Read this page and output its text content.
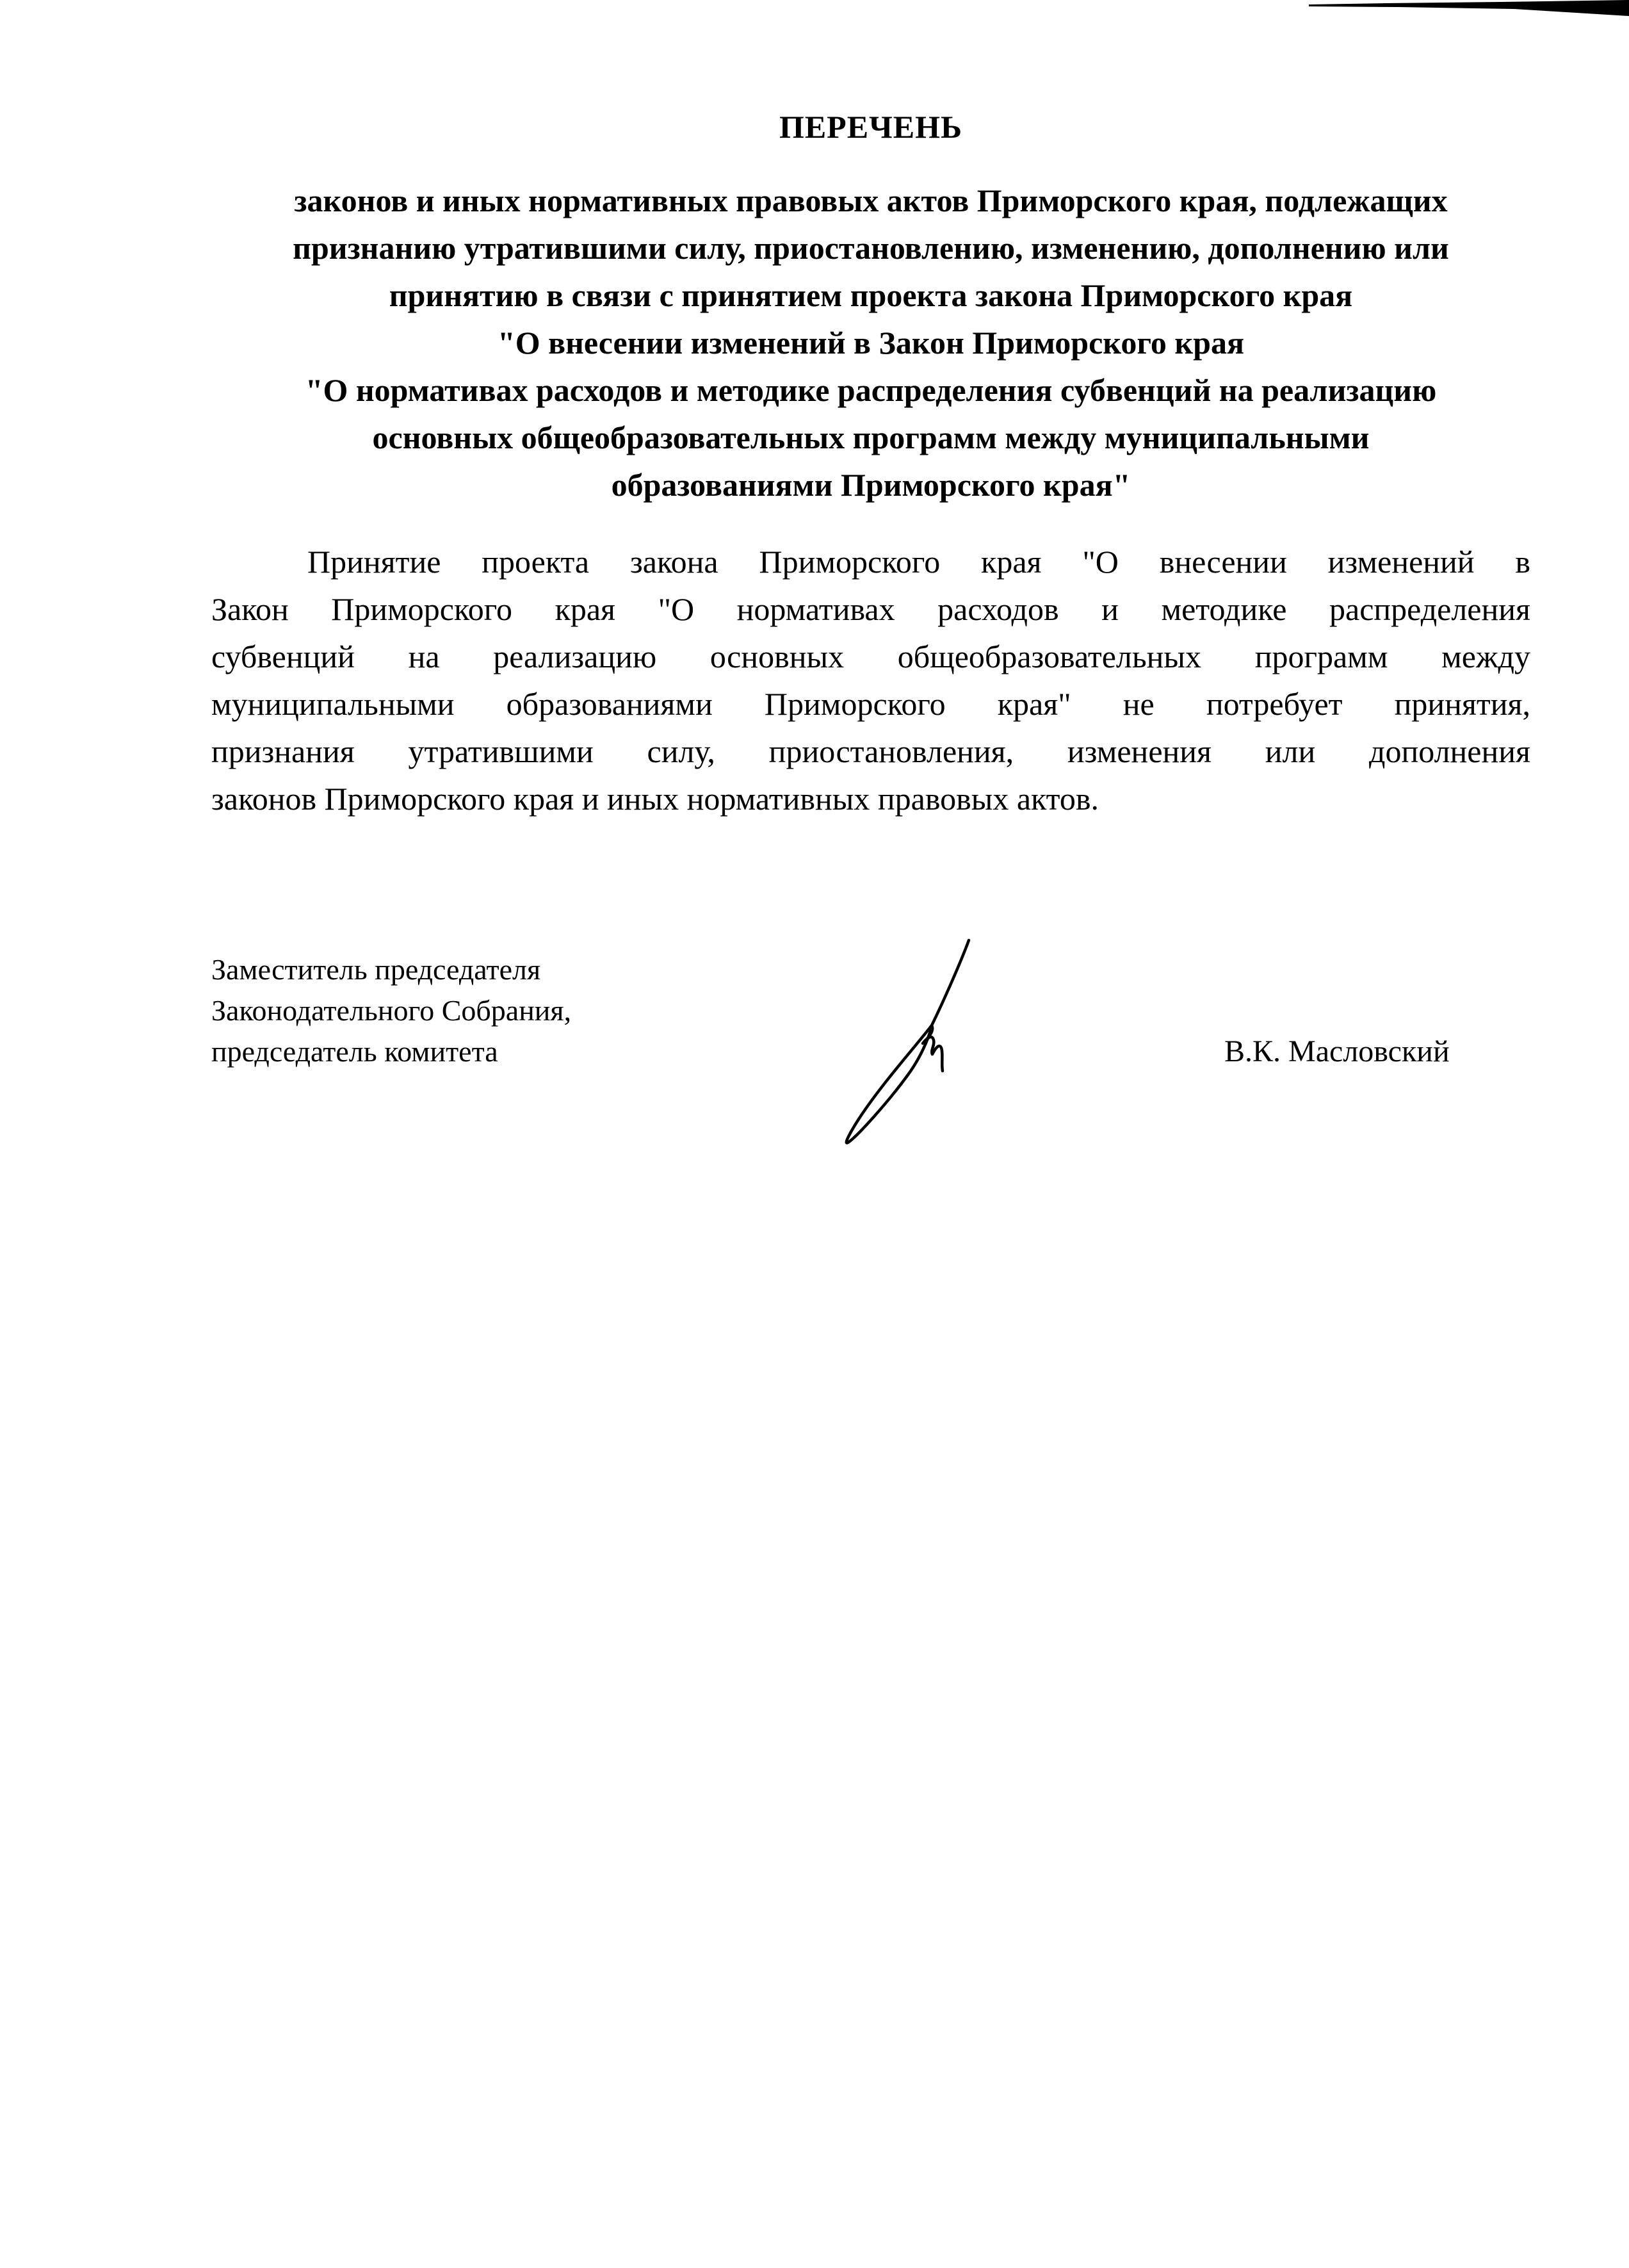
ПЕРЕЧЕНЬ
законов и иных нормативных правовых актов Приморского края, подлежащих
признанию утратившими силу, приостановлению, изменению, дополнению или
принятию в связи с принятием проекта закона Приморского края
"О внесении изменений в Закон Приморского края
"О нормативах расходов и методике распределения субвенций на реализацию
основных общеобразовательных программ между муниципальными
образованиями Приморского края"
Принятие проекта закона Приморского края "О внесении изменений в
Закон Приморского края "О нормативах расходов и методике распределения
субвенций на реализацию основных общеобразовательных программ между
муниципальными образованиями Приморского края" не потребует принятия,
признания утратившими силу, приостановления, изменения или дополнения
законов Приморского края и иных нормативных правовых актов.
Заместитель председателя
Законодательного Собрания,
председатель комитета	В.К. Масловский
